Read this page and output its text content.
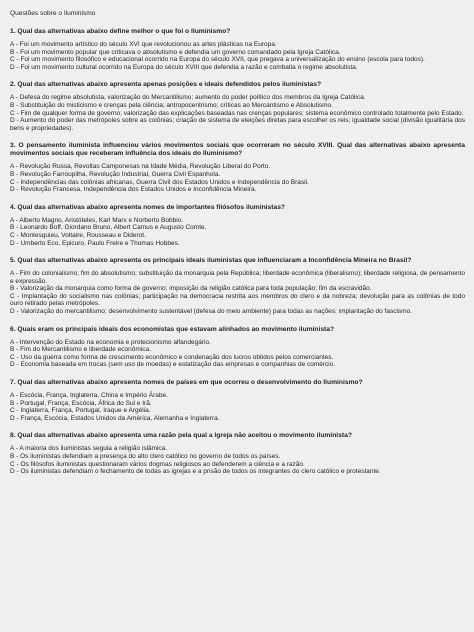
Questões sobre o Iluminismo

1. Qual das alternativas abaixo define melhor o que foi o Iluminismo?

A - Foi um movimento artístico do século XVI que revolucionou as artes plásticas na Europa.
B - Foi um movimento popular que criticava o absolutismo e defendia um governo comandado pela Igreja Católica.
C - Foi um movimento filosófico e educacional ocorrido na Europa do século XVII, que pregava a universalização do ensino (escola para todos).
D - Foi um movimento cultural ocorrido na Europa do século XVIII que defendia a razão e combatia o regime absolutista.

2. Qual das alternativas abaixo apresenta apenas posições e ideais defendidos pelos iluministas?

A - Defesa do regime absolutista, valorização do Mercantilismo; aumento do poder político dos membros da Igreja Católica.
B - Substituição do misticismo e crenças pela ciência; antropocentrismo; críticas ao Mercantismo e Absolutismo.
C - Fim de qualquer forma de governo; valorização das explicações baseadas nas crenças populares; sistema econômico controlado totalmente pelo Estado.
D - Aumento do poder das metrópoles sobre as colônias; criação de sistema de eleições diretas para escolher os reis; igualdade social (divisão igualitária dos bens e propriedades).

3. O pensamento iluminista influenciou vários movimentos sociais que ocorreram no século XVIII. Qual das alternativas abaixo apresenta movimentos sociais que receberam influência dos ideais do Iluminismo?

A - Revolução Russa, Revoltas Camponesas na Idade Média, Revolução Liberal do Porto.
B - Revolução Farroupilha, Revolução Industrial, Guerra Civil Espanhola.
C - Independências das colônias africanas, Guerra Civil dos Estados Unidos e Independência do Brasil.
D - Revolução Francesa, Independência dos Estados Unidos e Inconfidência Mineira.

4. Qual das alternativas abaixo apresenta nomes de importantes filósofos iluministas?

A - Alberto Magno, Aristóteles, Karl Marx e Norberto Bobbio.
B - Leonardo Boff, Giordano Bruno, Albert Camus e Augusto Comte.
C - Montesquieu, Voltaire, Rousseau e Diderot.
D - Umberto Eco, Epicuro, Paulo Freire e Thomas Hobbes.

5. Qual das alternativas abaixo apresenta os principais ideais iluministas que influenciaram a Inconfidência Mineira no Brasil?

A - Fim do colonialismo; fim do absolutismo; substituição da monarquia pela República; liberdade econômica (liberalismo); liberdade religiosa, de pensamento e expressão.
B - Valorização da monarquia como forma de governo; imposição da religião católica para toda população; fim da escravidão.
C - Implantação do socialismo nas colônias; participação na democracia restrita aos membros do clero e da nobreza; devolução para as colônias de todo ouro retirado pelas metrópoles.
D - Valorização do mercantilismo; desenvolvimento sustentável (defesa do meio ambiente) para todas as nações; implantação do fascismo.

6. Quais eram os principais ideais dos economistas que estavam alinhados ao movimento iluminista?

A - Intervenção do Estado na economia e protecionismo alfandegário.
B - Fim do Mercantilismo e liberdade econômica.
C - Uso da guerra como forma de crescimento econômico e condenação dos lucros obtidos pelos comerciantes.
D - Economia baseada em trocas (sem uso de moedas) e estatização das empresas e companhias de comércio.

7. Qual das alternativas abaixo apresenta nomes de países em que ocorreu o desenvolvimento do Iluminismo?

A - Escócia, França, Inglaterra, China e Império Árabe.
B - Portugal, França, Escócia, África do Sul e Irã.
C - Inglaterra, França, Portugal, Iraque e Argélia.
D - França, Escócia, Estados Unidos da América, Alemanha e Inglaterra.

8. Qual das alternativas abaixo apresenta uma razão pela qual a Igreja não aceitou o movimento iluminista?

A - A maioria dos iluministas seguia a religião islâmica.
B - Os iluministas defendiam a presença do alto clero católico no governo de todos os países.
C - Os filósofos iluministas questionaram vários dogmas religiosos ao defenderem a ciência e a razão.
D - Os iluministas defendiam o fechamento de todas as igrejas e a prisão de todos os integrantes do clero católico e protestante.
